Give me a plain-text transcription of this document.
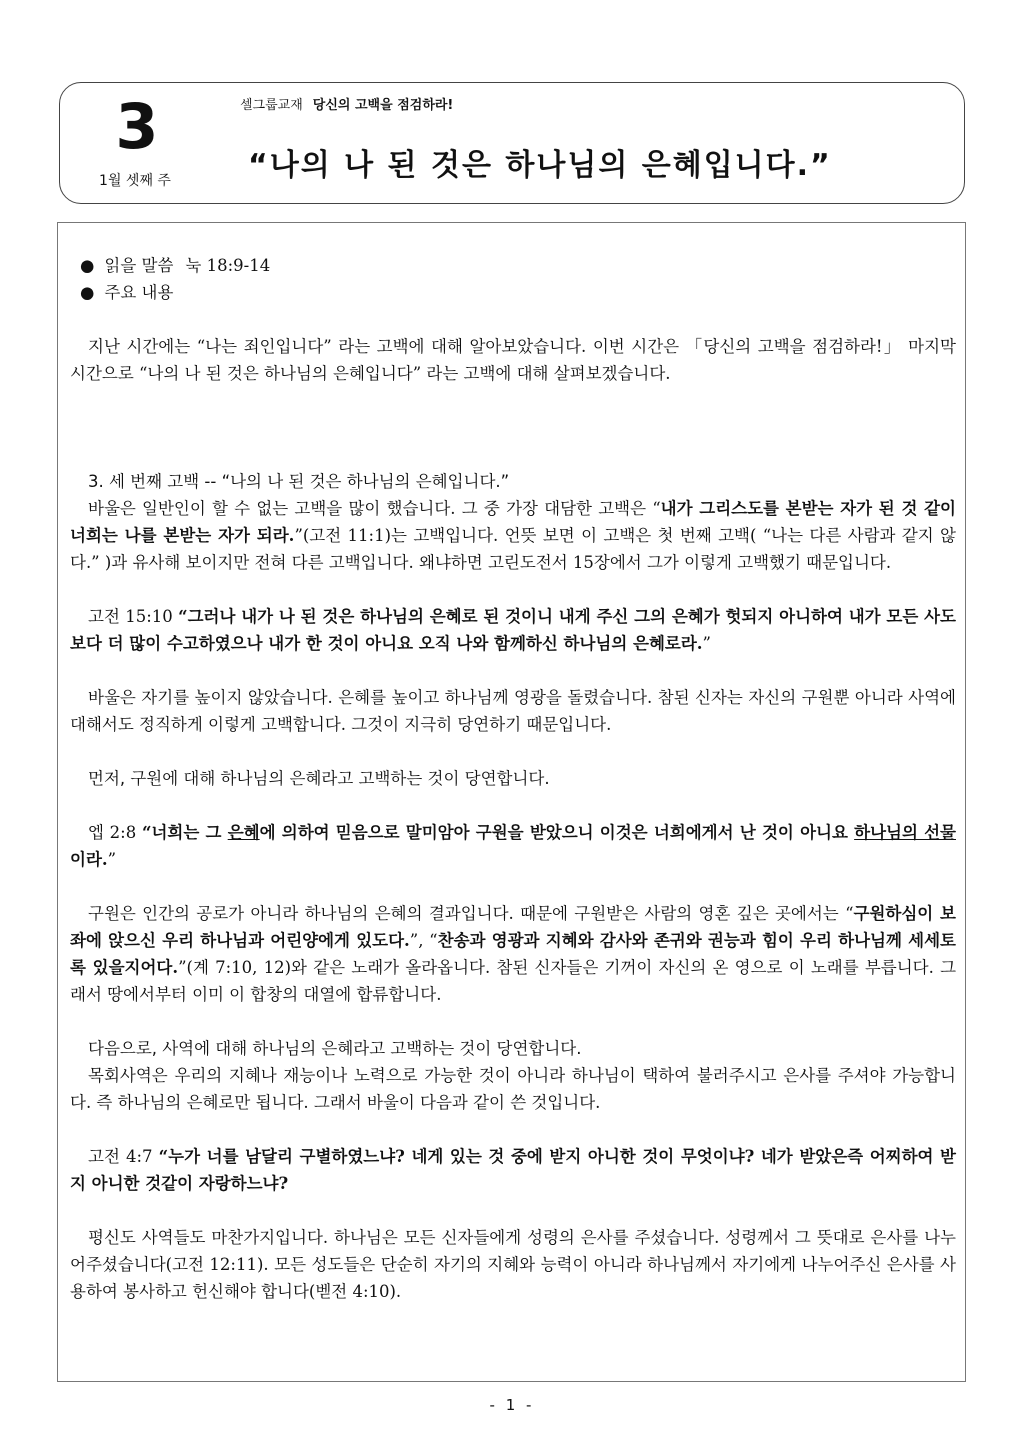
3
1월 셋째 주
셀그룹교재 당신의 고백을 점검하라!
“나의 나 된 것은 하나님의 은혜입니다.”

● 읽을 말씀 눅 18:9-14

● 주요 내용

지난 시간에는 “나는 죄인입니다” 라는 고백에 대해 알아보았습니다. 이번 시간은 「당신의 고백을 점검하라!」 마지막 시간으로 “나의 나 된 것은 하나님의 은혜입니다” 라는 고백에 대해 살펴보겠습니다.

3. 세 번째 고백 -- “나의 나 된 것은 하나님의 은혜입니다.”

바울은 일반인이 할 수 없는 고백을 많이 했습니다. 그 중 가장 대담한 고백은 “내가 그리스도를 본받는 자가 된 것 같이 너희는 나를 본받는 자가 되라.”(고전 11:1)는 고백입니다. 언뜻 보면 이 고백은 첫 번째 고백( “나는 다른 사람과 같지 않다.” )과 유사해 보이지만 전혀 다른 고백입니다. 왜냐하면 고린도전서 15장에서 그가 이렇게 고백했기 때문입니다.

고전 15:10 “그러나 내가 나 된 것은 하나님의 은혜로 된 것이니 내게 주신 그의 은혜가 헛되지 아니하여 내가 모든 사도보다 더 많이 수고하였으나 내가 한 것이 아니요 오직 나와 함께하신 하나님의 은혜로라.”

바울은 자기를 높이지 않았습니다. 은혜를 높이고 하나님께 영광을 돌렸습니다. 참된 신자는 자신의 구원뿐 아니라 사역에 대해서도 정직하게 이렇게 고백합니다. 그것이 지극히 당연하기 때문입니다.

먼저, 구원에 대해 하나님의 은혜라고 고백하는 것이 당연합니다.

엡 2:8 “너희는 그 은혜에 의하여 믿음으로 말미암아 구원을 받았으니 이것은 너희에게서 난 것이 아니요 하나님의 선물이라.”

구원은 인간의 공로가 아니라 하나님의 은혜의 결과입니다. 때문에 구원받은 사람의 영혼 깊은 곳에서는 “구원하심이 보좌에 앉으신 우리 하나님과 어린양에게 있도다.”, “찬송과 영광과 지혜와 감사와 존귀와 권능과 힘이 우리 하나님께 세세토록 있을지어다.”(계 7:10, 12)와 같은 노래가 올라옵니다. 참된 신자들은 기꺼이 자신의 온 영으로 이 노래를 부릅니다. 그래서 땅에서부터 이미 이 합창의 대열에 합류합니다.

다음으로, 사역에 대해 하나님의 은혜라고 고백하는 것이 당연합니다.

목회사역은 우리의 지혜나 재능이나 노력으로 가능한 것이 아니라 하나님이 택하여 불러주시고 은사를 주셔야 가능합니다. 즉 하나님의 은혜로만 됩니다. 그래서 바울이 다음과 같이 쓴 것입니다.

고전 4:7 “누가 너를 남달리 구별하였느냐? 네게 있는 것 중에 받지 아니한 것이 무엇이냐? 네가 받았은즉 어찌하여 받지 아니한 것같이 자랑하느냐?

평신도 사역들도 마찬가지입니다. 하나님은 모든 신자들에게 성령의 은사를 주셨습니다. 성령께서 그 뜻대로 은사를 나누어주셨습니다(고전 12:11). 모든 성도들은 단순히 자기의 지혜와 능력이 아니라 하나님께서 자기에게 나누어주신 은사를 사용하여 봉사하고 헌신해야 합니다(벧전 4:10).

- 1 -
